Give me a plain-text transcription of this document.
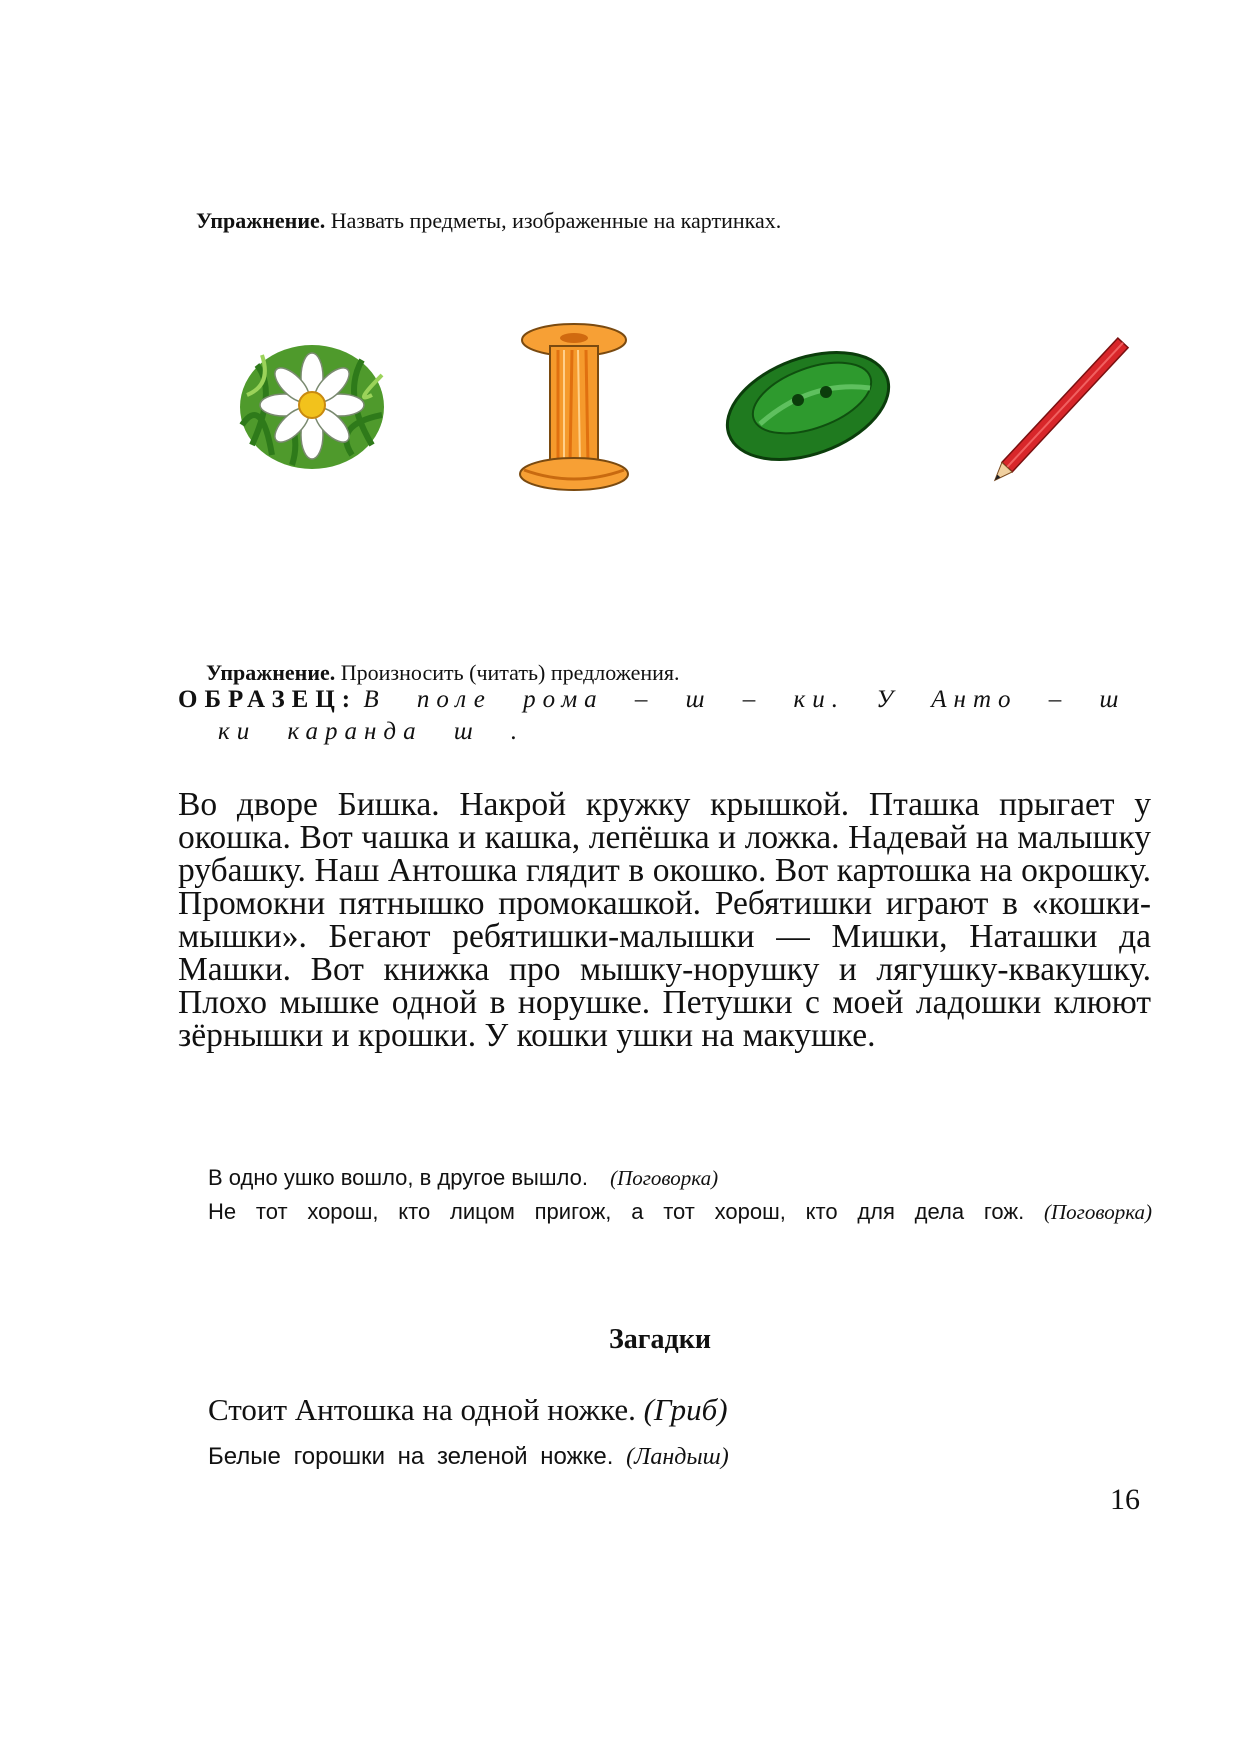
Упражнение. Назвать предметы, изображенные на картинках.
Упражнение. Произносить (читать) предложения.
ОБРАЗЕЦ: В поле рома – ш – ки. У Анто – ш
ки каранда ш .
Во дворе Бишка. Накрой кружку крышкой. Пташка прыгает у окошка. Вот чашка и кашка, лепёшка и ложка. Надевай на малышку рубашку. Наш Антошка глядит в окошко. Вот картошка на окрошку. Промокни пятнышко промокашкой. Ребятишки играют в «кошки-мышки». Бегают ребятишки-малышки — Мишки, Наташки да Машки. Вот книжка про мышку-норушку и лягушку-квакушку. Плохо мышке одной в норушке. Петушки с моей ладошки клюют зёрнышки и крошки. У кошки ушки на макушке.
В одно ушко вошло, в другое вышло. (Поговорка)
Не тот хорош, кто лицом пригож, а тот хорош, кто для дела гож. (Поговорка)
Загадки
Стоит Антошка на одной ножке. (Гриб)
Белые горошки на зеленой ножке. (Ландыш)
16
